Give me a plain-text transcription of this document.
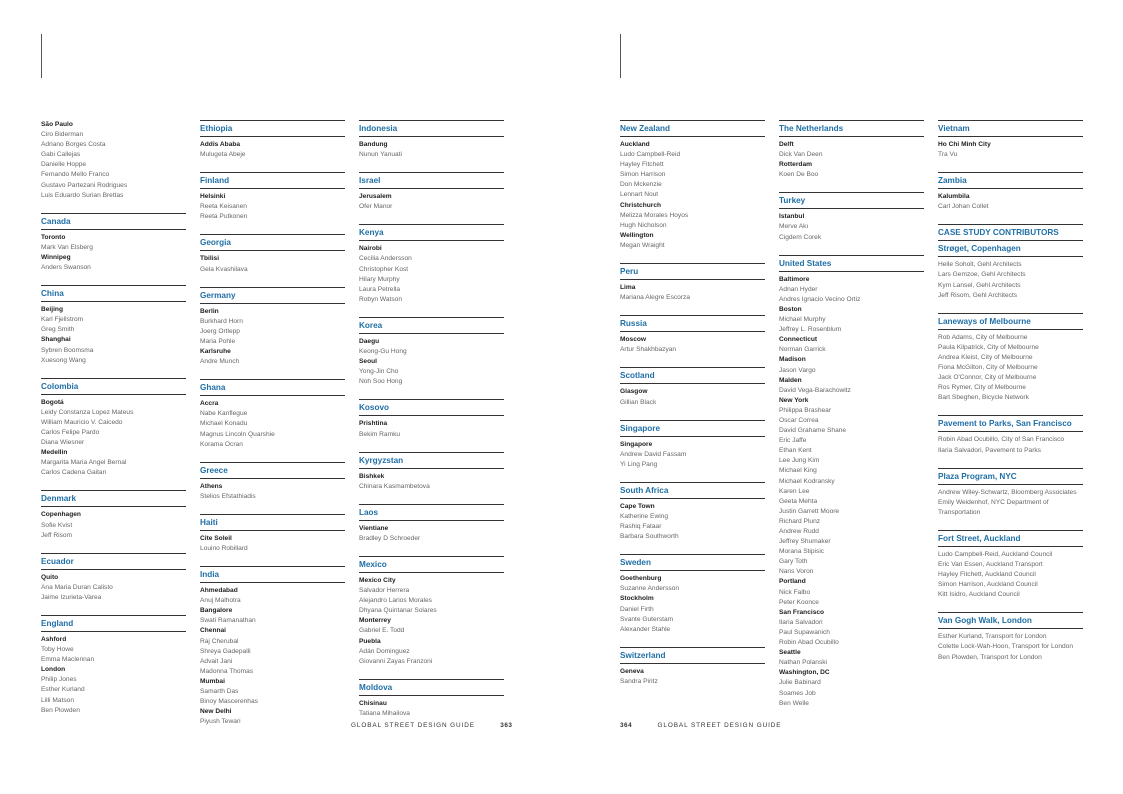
São Paulo
Ciro Biderman
Adriano Borges Costa
Gabi Callejas
Danielle Hoppe
Fernando Mello Franco
Gustavo Partezani Rodrigues
Luis Eduardo Surian Brettas
Canada
Toronto
Mark Van Elsberg
Winnipeg
Anders Swanson
China
Beijing
Karl Fjellstrom
Greg Smith
Shanghai
Sybren Boomsma
Xuesong Wang
Colombia
Bogotá
Leidy Constanza Lopez Mateus
William Mauricio V. Caicedo
Carlos Felipe Pardo
Diana Wiesner
Medellin
Margarita Maria Angel Bernal
Carlos Cadena Gaitan
Denmark
Copenhagen
Sofie Kvist
Jeff Risom
Ecuador
Quito
Ana Maria Duran Calisto
Jaime Izurieta-Varea
England
Ashford
Toby Howe
Emma Maclennan
London
Philip Jones
Esther Kurland
Lilli Matson
Ben Plowden
Ethiopia
Addis Ababa
Mulugeta Abeje
Finland
Helsinki
Reeta Keisanen
Reeta Putkonen
Georgia
Tbilisi
Gela Kvashilava
Germany
Berlin
Burkhard Horn
Joerg Ortlepp
Maria Pohle
Karlsruhe
Andre Munch
Ghana
Accra
Nabe Kanflegue
Michael Konadu
Magnus Lincoln Quarshie
Korama Ocran
Greece
Athens
Stelios Efstathiadis
Haiti
Cite Soleil
Louino Robillard
India
Ahmedabad
Anuj Malhotra
Bangalore
Swati Ramanathan
Chennai
Raj Cherubal
Shreya Gadepalli
Advait Jani
Madonna Thomas
Mumbai
Samarth Das
Binoy Mascerenhas
New Delhi
Piyush Tewari
Indonesia
Bandung
Nunun Yanuati
Israel
Jerusalem
Ofer Manor
Kenya
Nairobi
Cecilia Andersson
Christopher Kost
Hilary Murphy
Laura Petrella
Robyn Watson
Korea
Daegu
Keong-Gu Hong
Seoul
Yong-Jin Cho
Noh Soo Hong
Kosovo
Prishtina
Bekim Ramku
Kyrgyzstan
Bishkek
Chinara Kasmambetova
Laos
Vientiane
Bradley D Schroeder
Mexico
Mexico City
Salvador Herrera
Alejandro Larios Morales
Dhyana Quintanar Solares
Monterrey
Gabriel E. Todd
Puebla
Adán Dominguez
Giovanni Zayas Franzoni
Moldova
Chisinau
Tatiana Mihailova
New Zealand
Auckland
Ludo Campbell-Reid
Hayley Fitchett
Simon Harrison
Don Mckenzie
Lennart Nout
Christchurch
Melizza Morales Hoyos
Hugh Nicholson
Wellington
Megan Wraight
Peru
Lima
Mariana Alegre Escorza
Russia
Moscow
Artur Shakhbazyan
Scotland
Glasgow
Gillian Black
Singapore
Singapore
Andrew David Fassam
Yi Ling Pang
South Africa
Cape Town
Katherine Ewing
Rashiq Fataar
Barbara Southworth
Sweden
Goethenburg
Suzanne Andersson
Stockholm
Daniel Firth
Svante Guterstam
Alexander Stahle
Switzerland
Geneva
Sandra Piritz
The Netherlands
Delft
Dick Van Deen
Rotterdam
Koen De Boo
Turkey
Istanbul
Merve Akı
Cigdem Corek
United States
Baltimore
Adnan Hyder
Andres Ignacio Vecino Ortiz
Boston
Michael Murphy
Jeffrey L. Rosenblum
Connecticut
Norman Garrick
Madison
Jason Vargo
Malden
David Vega-Barachowitz
New York
Philippa Brashear
Oscar Correa
David Grahame Shane
Eric Jaffe
Ethan Kent
Lee Jung Kim
Michael King
Michael Kodransky
Karen Lee
Geeta Mehta
Justin Garrett Moore
Richard Plunz
Andrew Rudd
Jeffrey Shumaker
Morana Stipisic
Gary Toth
Nans Voron
Portland
Nick Falbo
Peter Koonce
San Francisco
Ilaria Salvadori
Paul Supawanich
Robin Abad Ocubillo
Seattle
Nathan Polanski
Washington, DC
Julie Babinard
Soames Job
Ben Welle
Vietnam
Ho Chi Minh City
Tra Vu
Zambia
Kalumbila
Carl Johan Collet
CASE STUDY CONTRIBUTORS
Strøget, Copenhagen
Helle Soholt, Gehl Architects
Lars Gemzoe, Gehl Architects
Kym Lansel, Gehl Architects
Jeff Risom, Gehl Architects
Laneways of Melbourne
Rob Adams, City of Melbourne
Paula Kilpatrick, City of Melbourne
Andrea Kleist, City of Melbourne
Fiona McGilton, City of Melbourne
Jack O'Connor, City of Melbourne
Ros Rymer, City of Melbourne
Bart Sbeghen, Bicycle Network
Pavement to Parks, San Francisco
Robin Abad Ocubillo, City of San Francisco
Ilaria Salvadori, Pavement to Parks
Plaza Program, NYC
Andrew Wiley-Schwartz, Bloomberg Associates
Emily Weidenhof, NYC Department of Transportation
Fort Street, Auckland
Ludo Campbell-Reid, Auckland Council
Eric Van Essen, Auckland Transport
Hayley Fitchett, Auckland Council
Simon Harrison, Auckland Council
Kitt Isidro, Auckland Council
Van Gogh Walk, London
Esther Kurland, Transport for London
Colette Lock-Wah-Hoon, Transport for London
Ben Plowden, Transport for London
GLOBAL STREET DESIGN GUIDE	363	364	GLOBAL STREET DESIGN GUIDE
